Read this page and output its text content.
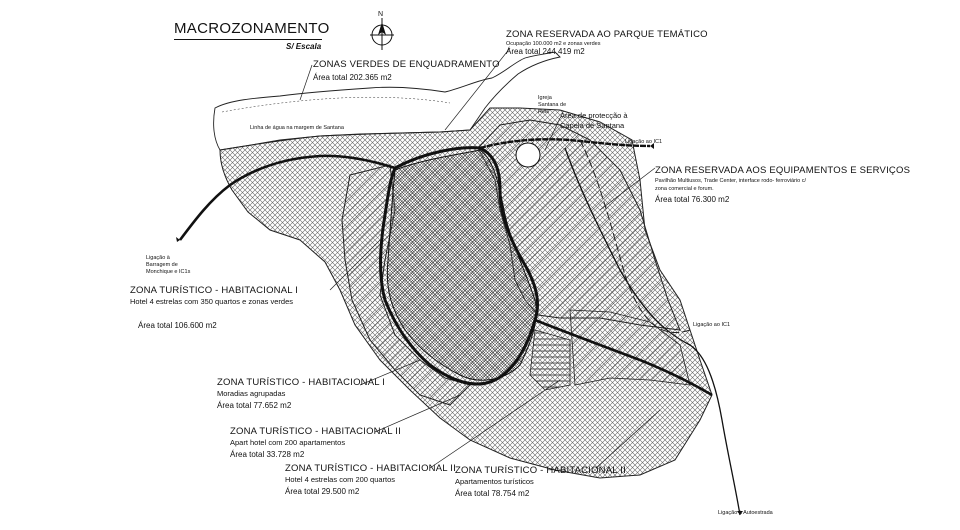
MACROZONAMENTO
S/ Escala
N
ZONAS VERDES DE ENQUADRAMENTO
Área total 202.365 m2
ZONA RESERVADA AO PARQUE TEMÁTICO
Ocupação 100.000 m2 e zonas verdes
Área total 244.419 m2
Área de protecção à
Capela de Santana
Igreja
Santana de
Reis
ZONA RESERVADA AOS EQUIPAMENTOS E SERVIÇOS
Pavilhão Multiusos, Trade Center, interface rodo- ferroviário c/
zona comercial e forum.
Área total 76.300 m2
Ligação ao IC1
Ligação ao IC1
Ligação à Autoestrada
Ligação à
Barragem de
Monchique e IC1s
Linha de água na margem de Santana
ZONA TURÍSTICO - HABITACIONAL I
Hotel 4 estrelas com 350 quartos e zonas verdes
Área total 106.600 m2
ZONA TURÍSTICO - HABITACIONAL I
Moradias agrupadas
Área total 77.652 m2
ZONA TURÍSTICO - HABITACIONAL II
Apart hotel com 200 apartamentos
Área total 33.728 m2
ZONA TURÍSTICO - HABITACIONAL II
Hotel 4 estrelas com 200 quartos
Área total 29.500 m2
ZONA TURÍSTICO - HABITACIONAL II
Apartamentos turísticos
Área total 78.754 m2
